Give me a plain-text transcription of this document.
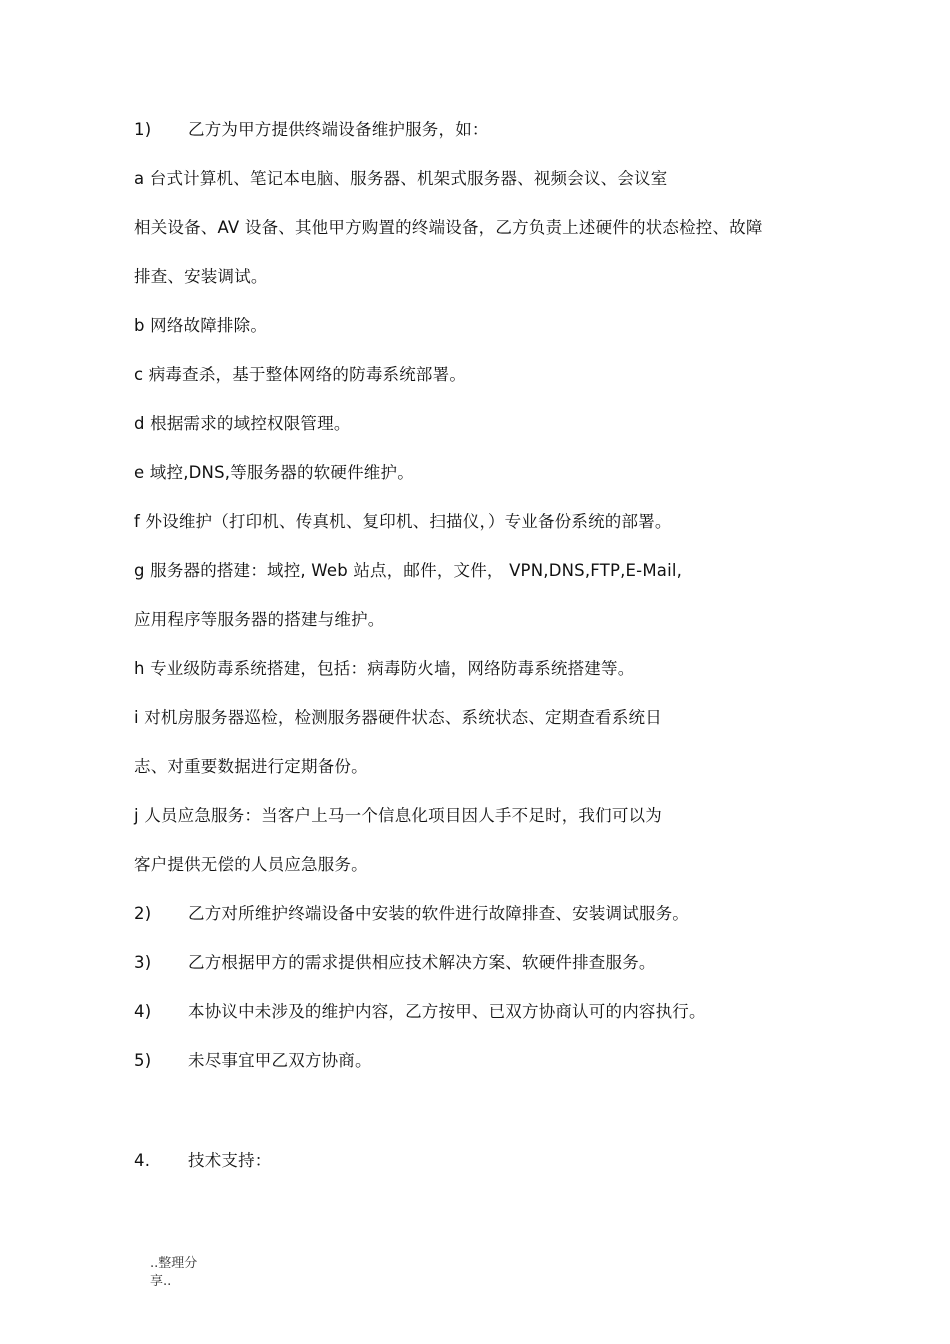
1) 乙方为甲方提供终端设备维护服务，如：
a 台式计算机、笔记本电脑、服务器、机架式服务器、视频会议、会议室
相关设备、AV 设备、其他甲方购置的终端设备，乙方负责上述硬件的状态检控、故障
排查、安装调试。
b 网络故障排除。
c 病毒查杀，基于整体网络的防毒系统部署。
d 根据需求的域控权限管理。
e 域控,DNS,等服务器的软硬件维护。
f 外设维护（打印机、传真机、复印机、扫描仪，）专业备份系统的部署。
g 服务器的搭建：域控, Web 站点，邮件，文件， VPN,DNS,FTP,E-Mail,
应用程序等服务器的搭建与维护。
h 专业级防毒系统搭建，包括：病毒防火墙，网络防毒系统搭建等。
i 对机房服务器巡检，检测服务器硬件状态、系统状态、定期查看系统日
志、对重要数据进行定期备份。
j 人员应急服务：当客户上马一个信息化项目因人手不足时，我们可以为
客户提供无偿的人员应急服务。
2) 乙方对所维护终端设备中安装的软件进行故障排查、安装调试服务。
3) 乙方根据甲方的需求提供相应技术解决方案、软硬件排查服务。
4) 本协议中未涉及的维护内容，乙方按甲、已双方协商认可的内容执行。
5) 未尽事宜甲乙双方协商。
4. 技术支持：
..整理分
享..
